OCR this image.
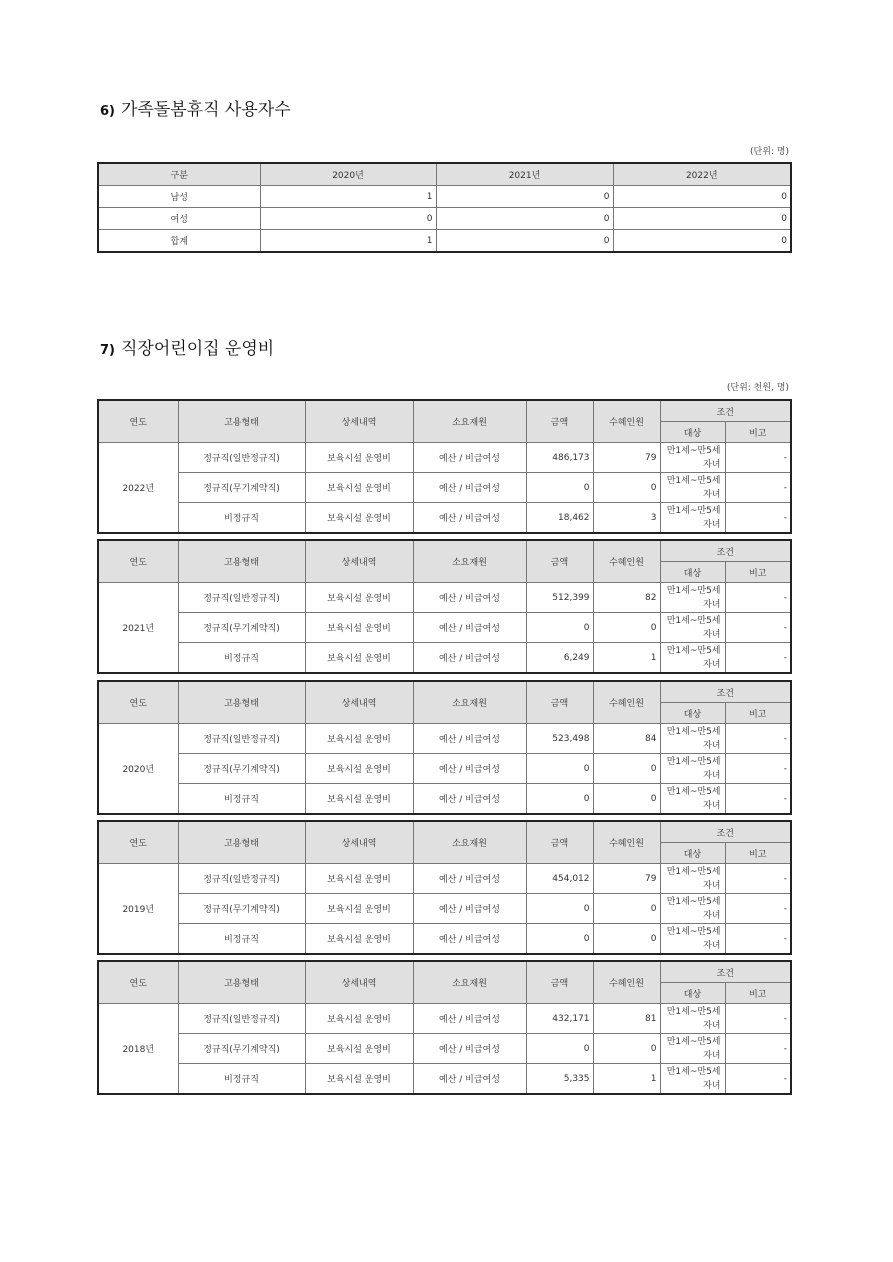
6) 가족돌봄휴직 사용자수
(단위: 명)
구분	2020년	2021년	2022년
남성	1	0	0
여성	0	0	0
합계	1	0	0
7) 직장어린이집 운영비
(단위: 천원, 명)
연도	고용형태	상세내역	소요재원	금액	수혜인원	조건	
						대상	비고
2022년	정규직(일반정규직)	보육시설 운영비	예산 / 비급여성	486,173	79	만1세~만5세 자녀	-
	정규직(무기계약직)	보육시설 운영비	예산 / 비급여성	0	0	만1세~만5세 자녀	-
	비정규직	보육시설 운영비	예산 / 비급여성	18,462	3	만1세~만5세 자녀	-
연도	고용형태	상세내역	소요재원	금액	수혜인원	조건	
						대상	비고
2021년	정규직(일반정규직)	보육시설 운영비	예산 / 비급여성	512,399	82	만1세~만5세 자녀	-
	정규직(무기계약직)	보육시설 운영비	예산 / 비급여성	0	0	만1세~만5세 자녀	-
	비정규직	보육시설 운영비	예산 / 비급여성	6,249	1	만1세~만5세 자녀	-
연도	고용형태	상세내역	소요재원	금액	수혜인원	조건	
						대상	비고
2020년	정규직(일반정규직)	보육시설 운영비	예산 / 비급여성	523,498	84	만1세~만5세 자녀	-
	정규직(무기계약직)	보육시설 운영비	예산 / 비급여성	0	0	만1세~만5세 자녀	-
	비정규직	보육시설 운영비	예산 / 비급여성	0	0	만1세~만5세 자녀	-
연도	고용형태	상세내역	소요재원	금액	수혜인원	조건	
						대상	비고
2019년	정규직(일반정규직)	보육시설 운영비	예산 / 비급여성	454,012	79	만1세~만5세 자녀	-
	정규직(무기계약직)	보육시설 운영비	예산 / 비급여성	0	0	만1세~만5세 자녀	-
	비정규직	보육시설 운영비	예산 / 비급여성	0	0	만1세~만5세 자녀	-
연도	고용형태	상세내역	소요재원	금액	수혜인원	조건	
						대상	비고
2018년	정규직(일반정규직)	보육시설 운영비	예산 / 비급여성	432,171	81	만1세~만5세 자녀	-
	정규직(무기계약직)	보육시설 운영비	예산 / 비급여성	0	0	만1세~만5세 자녀	-
	비정규직	보육시설 운영비	예산 / 비급여성	5,335	1	만1세~만5세 자녀	-
